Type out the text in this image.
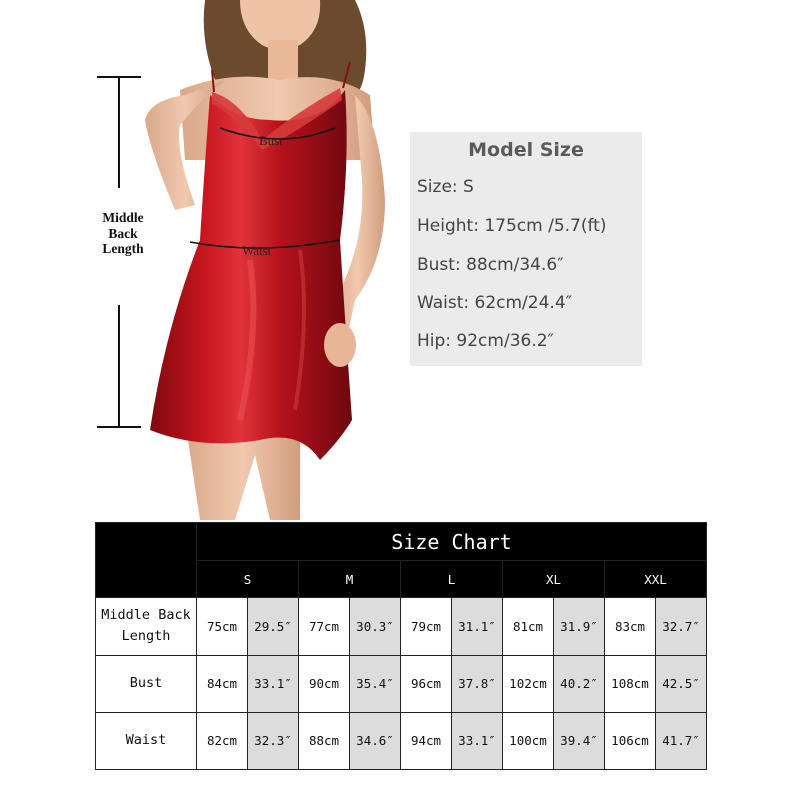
Bust
Waist
Middle Back Length
Model Size
Size: S
Height: 175cm /5.7(ft)
Bust: 88cm/34.6″
Waist: 62cm/24.4″
Hip: 92cm/36.2″
	Size Chart									
	S		M		L		XL		XXL	
Middle Back Length	75cm	29.5″	77cm	30.3″	79cm	31.1″	81cm	31.9″	83cm	32.7″
Bust	84cm	33.1″	90cm	35.4″	96cm	37.8″	102cm	40.2″	108cm	42.5″
Waist	82cm	32.3″	88cm	34.6″	94cm	33.1″	100cm	39.4″	106cm	41.7″
